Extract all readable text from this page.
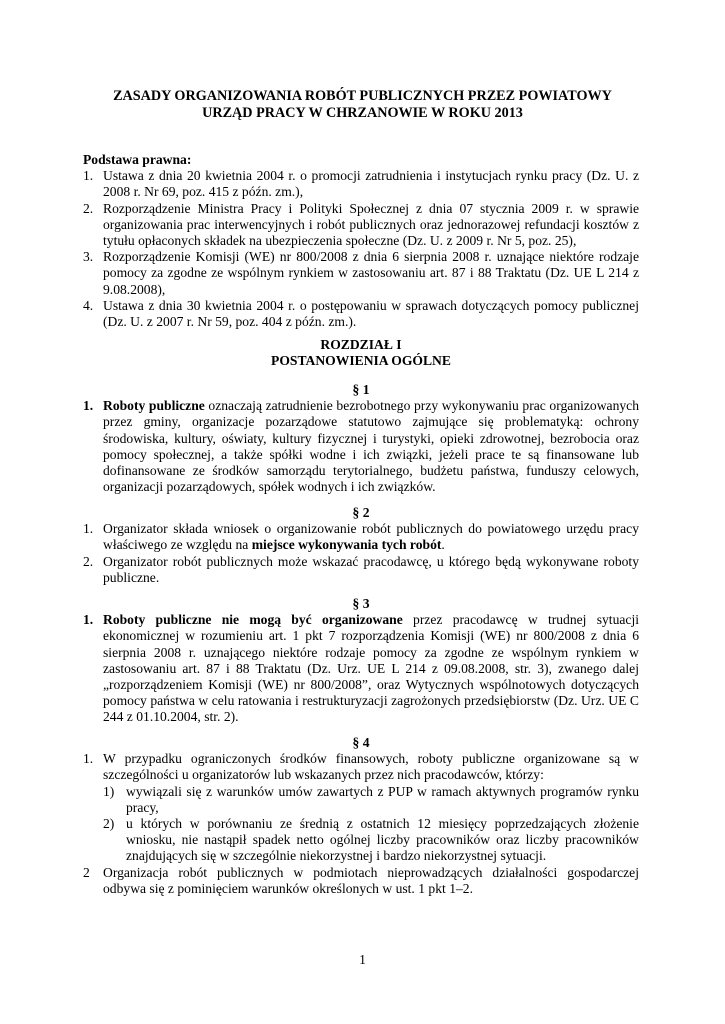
ZASADY ORGANIZOWANIA ROBÓT PUBLICZNYCH PRZEZ POWIATOWY
URZĄD PRACY W CHRZANOWIE W ROKU 2013
Podstawa prawna:
1. Ustawa z dnia 20 kwietnia 2004 r. o promocji zatrudnienia i instytucjach rynku pracy (Dz. U. z 2008 r. Nr 69, poz. 415 z późn. zm.),
2. Rozporządzenie Ministra Pracy i Polityki Społecznej z dnia 07 stycznia 2009 r. w sprawie organizowania prac interwencyjnych i robót publicznych oraz jednorazowej refundacji kosztów z tytułu opłaconych składek na ubezpieczenia społeczne (Dz. U. z 2009 r. Nr 5, poz. 25),
3. Rozporządzenie Komisji (WE) nr 800/2008 z dnia 6 sierpnia 2008 r. uznające niektóre rodzaje pomocy za zgodne ze wspólnym rynkiem w zastosowaniu art. 87 i 88 Traktatu (Dz. UE L 214 z 9.08.2008),
4. Ustawa z dnia 30 kwietnia 2004 r. o postępowaniu w sprawach dotyczących pomocy publicznej (Dz. U. z 2007 r. Nr 59, poz. 404 z późn. zm.).
ROZDZIAŁ I
POSTANOWIENIA OGÓLNE
§ 1
1. Roboty publiczne oznaczają zatrudnienie bezrobotnego przy wykonywaniu prac organizowanych przez gminy, organizacje pozarządowe statutowo zajmujące się problematyką: ochrony środowiska, kultury, oświaty, kultury fizycznej i turystyki, opieki zdrowotnej, bezrobocia oraz pomocy społecznej, a także spółki wodne i ich związki, jeżeli prace te są finansowane lub dofinansowane ze środków samorządu terytorialnego, budżetu państwa, funduszy celowych, organizacji pozarządowych, spółek wodnych i ich związków.
§ 2
1. Organizator składa wniosek o organizowanie robót publicznych do powiatowego urzędu pracy właściwego ze względu na miejsce wykonywania tych robót.
2. Organizator robót publicznych może wskazać pracodawcę, u którego będą wykonywane roboty publiczne.
§ 3
1. Roboty publiczne nie mogą być organizowane przez pracodawcę w trudnej sytuacji ekonomicznej w rozumieniu art. 1 pkt 7 rozporządzenia Komisji (WE) nr 800/2008 z dnia 6 sierpnia 2008 r. uznającego niektóre rodzaje pomocy za zgodne ze wspólnym rynkiem w zastosowaniu art. 87 i 88 Traktatu (Dz. Urz. UE L 214 z 09.08.2008, str. 3), zwanego dalej „rozporządzeniem Komisji (WE) nr 800/2008”, oraz Wytycznych wspólnotowych dotyczących pomocy państwa w celu ratowania i restrukturyzacji zagrożonych przedsiębiorstw (Dz. Urz. UE C 244 z 01.10.2004, str. 2).
§ 4
1. W przypadku ograniczonych środków finansowych, roboty publiczne organizowane są w szczególności u organizatorów lub wskazanych przez nich pracodawców, którzy:
1) wywiązali się z warunków umów zawartych z PUP w ramach aktywnych programów rynku pracy,
2) u których w porównaniu ze średnią z ostatnich 12 miesięcy poprzedzających złożenie wniosku, nie nastąpił spadek netto ogólnej liczby pracowników oraz liczby pracowników znajdujących się w szczególnie niekorzystnej i bardzo niekorzystnej sytuacji.
2 Organizacja robót publicznych w podmiotach nieprowadzących działalności gospodarczej odbywa się z pominięciem warunków określonych w ust. 1 pkt 1–2.
1
